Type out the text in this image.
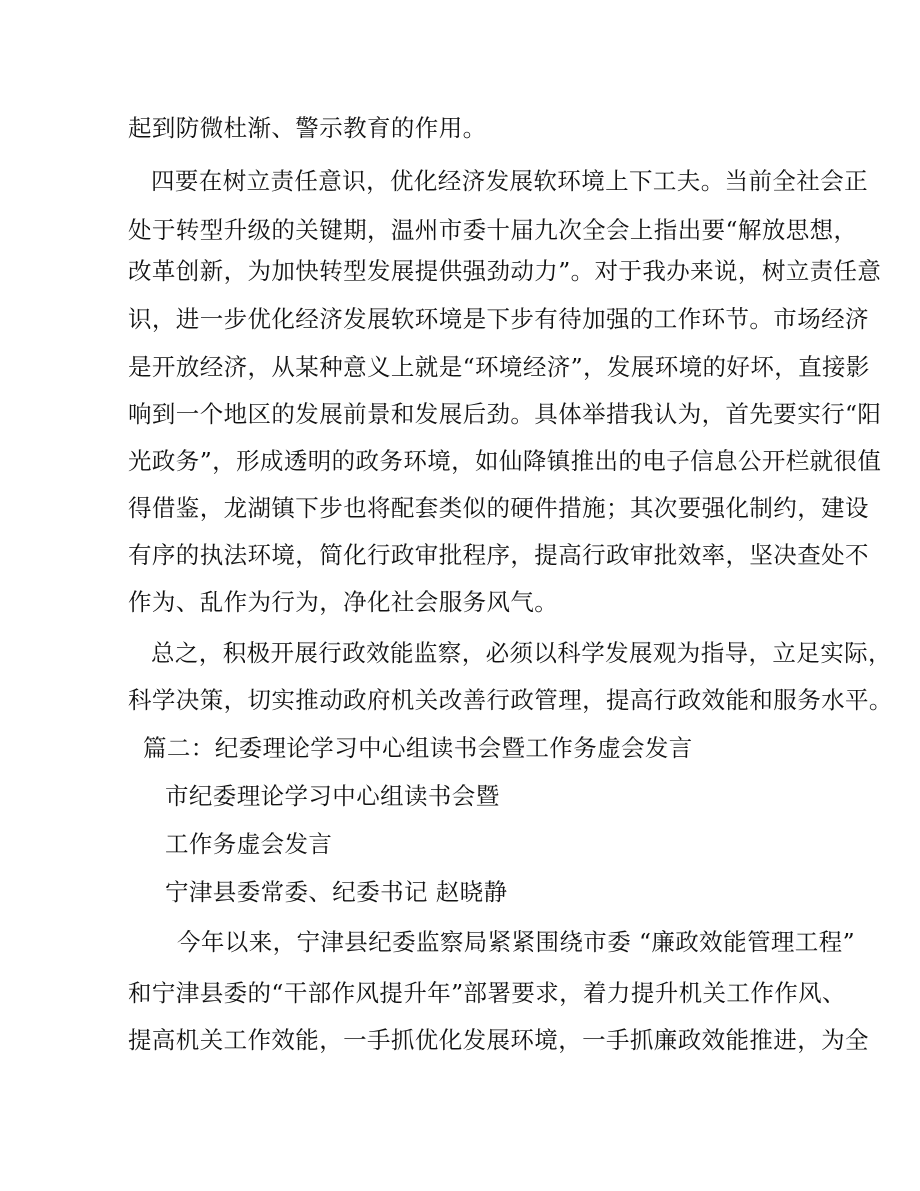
起到防微杜渐、警示教育的作用。
四要在树立责任意识，优化经济发展软环境上下工夫。当前全社会正
处于转型升级的关键期，温州市委十届九次全会上指出要“解放思想，
改革创新，为加快转型发展提供强劲动力”。对于我办来说，树立责任意
识，进一步优化经济发展软环境是下步有待加强的工作环节。市场经济
是开放经济，从某种意义上就是“环境经济”，发展环境的好坏，直接影
响到一个地区的发展前景和发展后劲。具体举措我认为，首先要实行“阳
光政务”，形成透明的政务环境，如仙降镇推出的电子信息公开栏就很值
得借鉴，龙湖镇下步也将配套类似的硬件措施；其次要强化制约，建设
有序的执法环境，简化行政审批程序，提高行政审批效率，坚决查处不
作为、乱作为行为，净化社会服务风气。
总之，积极开展行政效能监察，必须以科学发展观为指导，立足实际，
科学决策，切实推动政府机关改善行政管理，提高行政效能和服务水平。
篇二：纪委理论学习中心组读书会暨工作务虚会发言
市纪委理论学习中心组读书会暨
工作务虚会发言
宁津县委常委、纪委书记 赵晓静
今年以来，宁津县纪委监察局紧紧围绕市委 “廉政效能管理工程”
和宁津县委的“干部作风提升年”部署要求，着力提升机关工作作风、
提高机关工作效能，一手抓优化发展环境，一手抓廉政效能推进，为全
